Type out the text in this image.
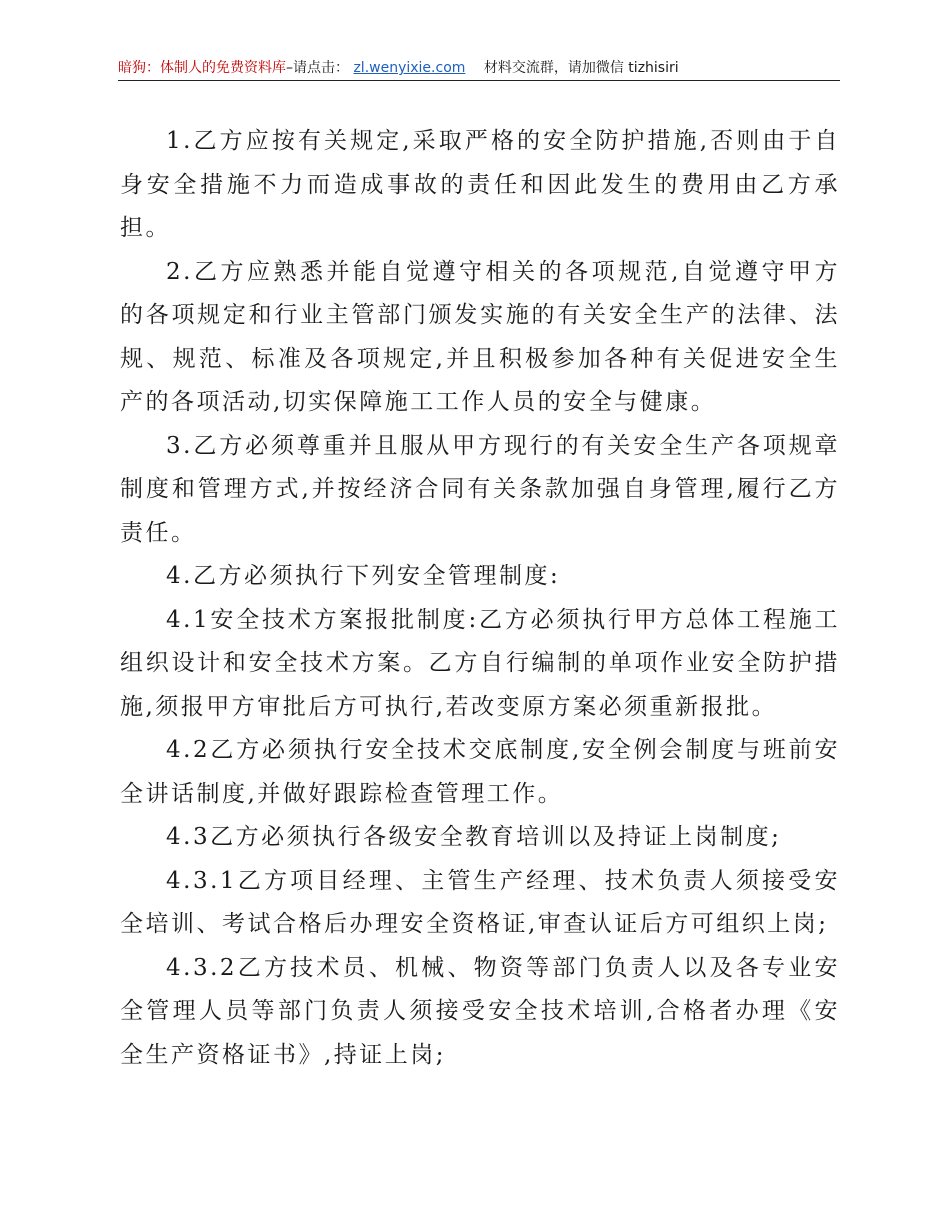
暗狗：体制人的免费资料库–请点击： zl.wenyixie.com 材料交流群，请加微信 tizhisiri

1.乙方应按有关规定,采取严格的安全防护措施,否则由于自身安全措施不力而造成事故的责任和因此发生的费用由乙方承担。

2.乙方应熟悉并能自觉遵守相关的各项规范,自觉遵守甲方的各项规定和行业主管部门颁发实施的有关安全生产的法律、法规、规范、标准及各项规定,并且积极参加各种有关促进安全生产的各项活动,切实保障施工工作人员的安全与健康。

3.乙方必须尊重并且服从甲方现行的有关安全生产各项规章制度和管理方式,并按经济合同有关条款加强自身管理,履行乙方责任。

4.乙方必须执行下列安全管理制度:

4.1安全技术方案报批制度:乙方必须执行甲方总体工程施工组织设计和安全技术方案。乙方自行编制的单项作业安全防护措施,须报甲方审批后方可执行,若改变原方案必须重新报批。

4.2乙方必须执行安全技术交底制度,安全例会制度与班前安全讲话制度,并做好跟踪检查管理工作。

4.3乙方必须执行各级安全教育培训以及持证上岗制度;

4.3.1乙方项目经理、主管生产经理、技术负责人须接受安全培训、考试合格后办理安全资格证,审查认证后方可组织上岗;

4.3.2乙方技术员、机械、物资等部门负责人以及各专业安全管理人员等部门负责人须接受安全技术培训,合格者办理《安全生产资格证书》,持证上岗;
